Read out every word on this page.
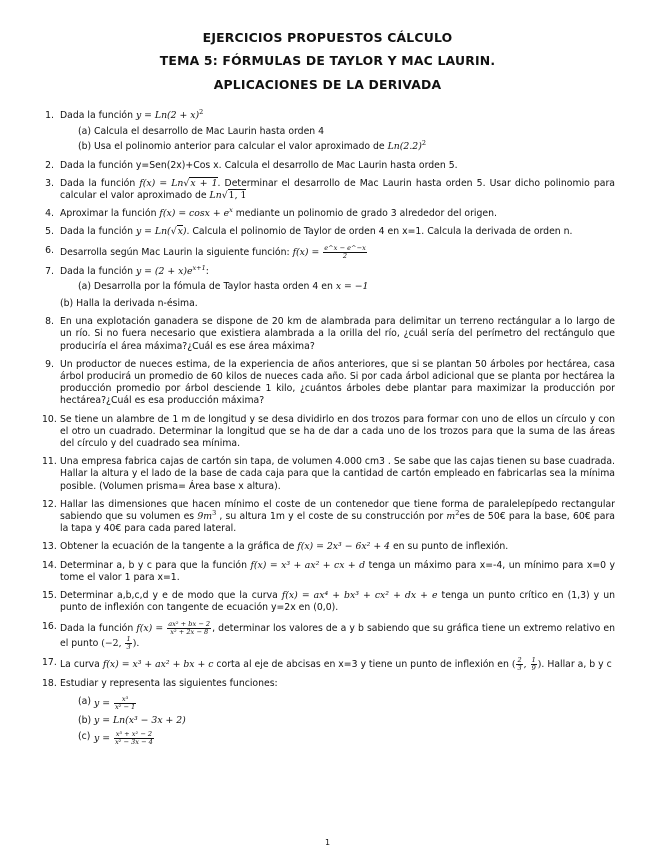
EJERCICIOS PROPUESTOS CÁLCULO
TEMA 5: FÓRMULAS DE TAYLOR Y MAC LAURIN.
APLICACIONES DE LA DERIVADA
1. Dada la función $y = Ln(2 + x)^2$
(a) Calcula el desarrollo de Mac Laurin hasta orden 4
(b) Usa el polinomio anterior para calcular el valor aproximado de $Ln(2.2)^2$
2. Dada la función y=Sen(2x)+Cos x. Calcula el desarrollo de Mac Laurin hasta orden 5.
3. Dada la función f(x) = Ln√x + 1. Determinar el desarrollo de Mac Laurin hasta orden 5. Usar dicho polinomio para calcular el valor aproximado de Ln√1, 1
4. Aproximar la función $f(x) = \cos x + e^x$ mediante un polinomio de grado 3 alrededor del origen.
5. Dada la función y = Ln(√x). Calcula el polinomio de Taylor de orden 4 en x=1. Calcula la derivada de orden n.
6. Desarrolla según Mac Laurin la siguiente función: $f(x) = \frac{e\^{}x - e\^{}-x}{2}$
7. Dada la función $y = (2 + x)e^{x+1}$:
(a) Desarrolla por la fómula de Taylor hasta orden 4 en x = −1
(b) Halla la derivada n-ésima.
8. En una explotación ganadera se dispone de 20 km de alambrada para delimitar un terreno rectángular a lo largo de un río. Si no fuera necesario que existiera alambrada a la orilla del río, ¿cuál sería del perímetro del rectángulo que produciría el área máxima?¿Cuál es ese área máxima?
9. Un productor de nueces estima, de la experiencia de años anteriores, que si se plantan 50 árboles por hectárea, casa árbol producirá un promedio de 60 kilos de nueces cada año. Si por cada árbol adicional que se planta por hectárea la producción promedio por árbol desciende 1 kilo, ¿cuántos árboles debe plantar para maximizar la producción por hectárea?¿Cuál es esa producción máxima?
10. Se tiene un alambre de 1 m de longitud y se desa dividirlo en dos trozos para formar con uno de ellos un círculo y con el otro un cuadrado. Determinar la longitud que se ha de dar a cada uno de los trozos para que la suma de las áreas del círculo y del cuadrado sea mínima.
11. Una empresa fabrica cajas de cartón sin tapa, de volumen 4.000 cm3 . Se sabe que las cajas tienen su base cuadrada. Hallar la altura y el lado de la base de cada caja para que la cantidad de cartón empleado en fabricarlas sea la mínima posible. (Volumen prisma= Área base x altura).
12. Hallar las dimensiones que hacen mínimo el coste de un contenedor que tiene forma de paralelepípedo rectangular sabiendo que su volumen es $9m^3$ , su altura 1m y el coste de su construcción por $m^2es$ de 50€ para la base, 60€ para la tapa y 40€ para cada pared lateral.
13. Obtener la ecuación de la tangente a la gráfica de f(x) = 2x³ − 6x² + 4 en su punto de inflexión.
14. Determinar a, b y c para que la función f(x) = x³ + ax² + cx + d tenga un máximo para x=-4, un mínimo para x=0 y tome el valor 1 para x=1.
15. Determinar a,b,c,d y e de modo que la curva f(x) = ax⁴ + bx³ + cx² + dx + e tenga un punto crítico en (1,3) y un punto de inflexión con tangente de ecuación y=2x en (0,0).
16. Dada la función $f(x) = \frac{\text{ax² + bx − 2}}{\text{x² + 2x − 8}}$ , determinar los valores de a y b sabiendo que su gráfica tiene un extremo relativo en el punto (−2, $\frac{1}{3}$ ).
17. La curva f(x) = x³ + ax² + bx + c corta al eje de abcisas en x=3 y tiene un punto de inflexión en ( $\frac{2}{3}$ , $\frac{1}{9}$ ). Hallar a, b y c
18. Estudiar y representa las siguientes funciones:
(a) $y = \frac{\text{x³}}{\text{x² − 1}}$
(b) y = Ln(x³ − 3x + 2)
(c) $y = \frac{\text{x³ + x² − 2}}{\text{x² − 3x − 4}}$
1
